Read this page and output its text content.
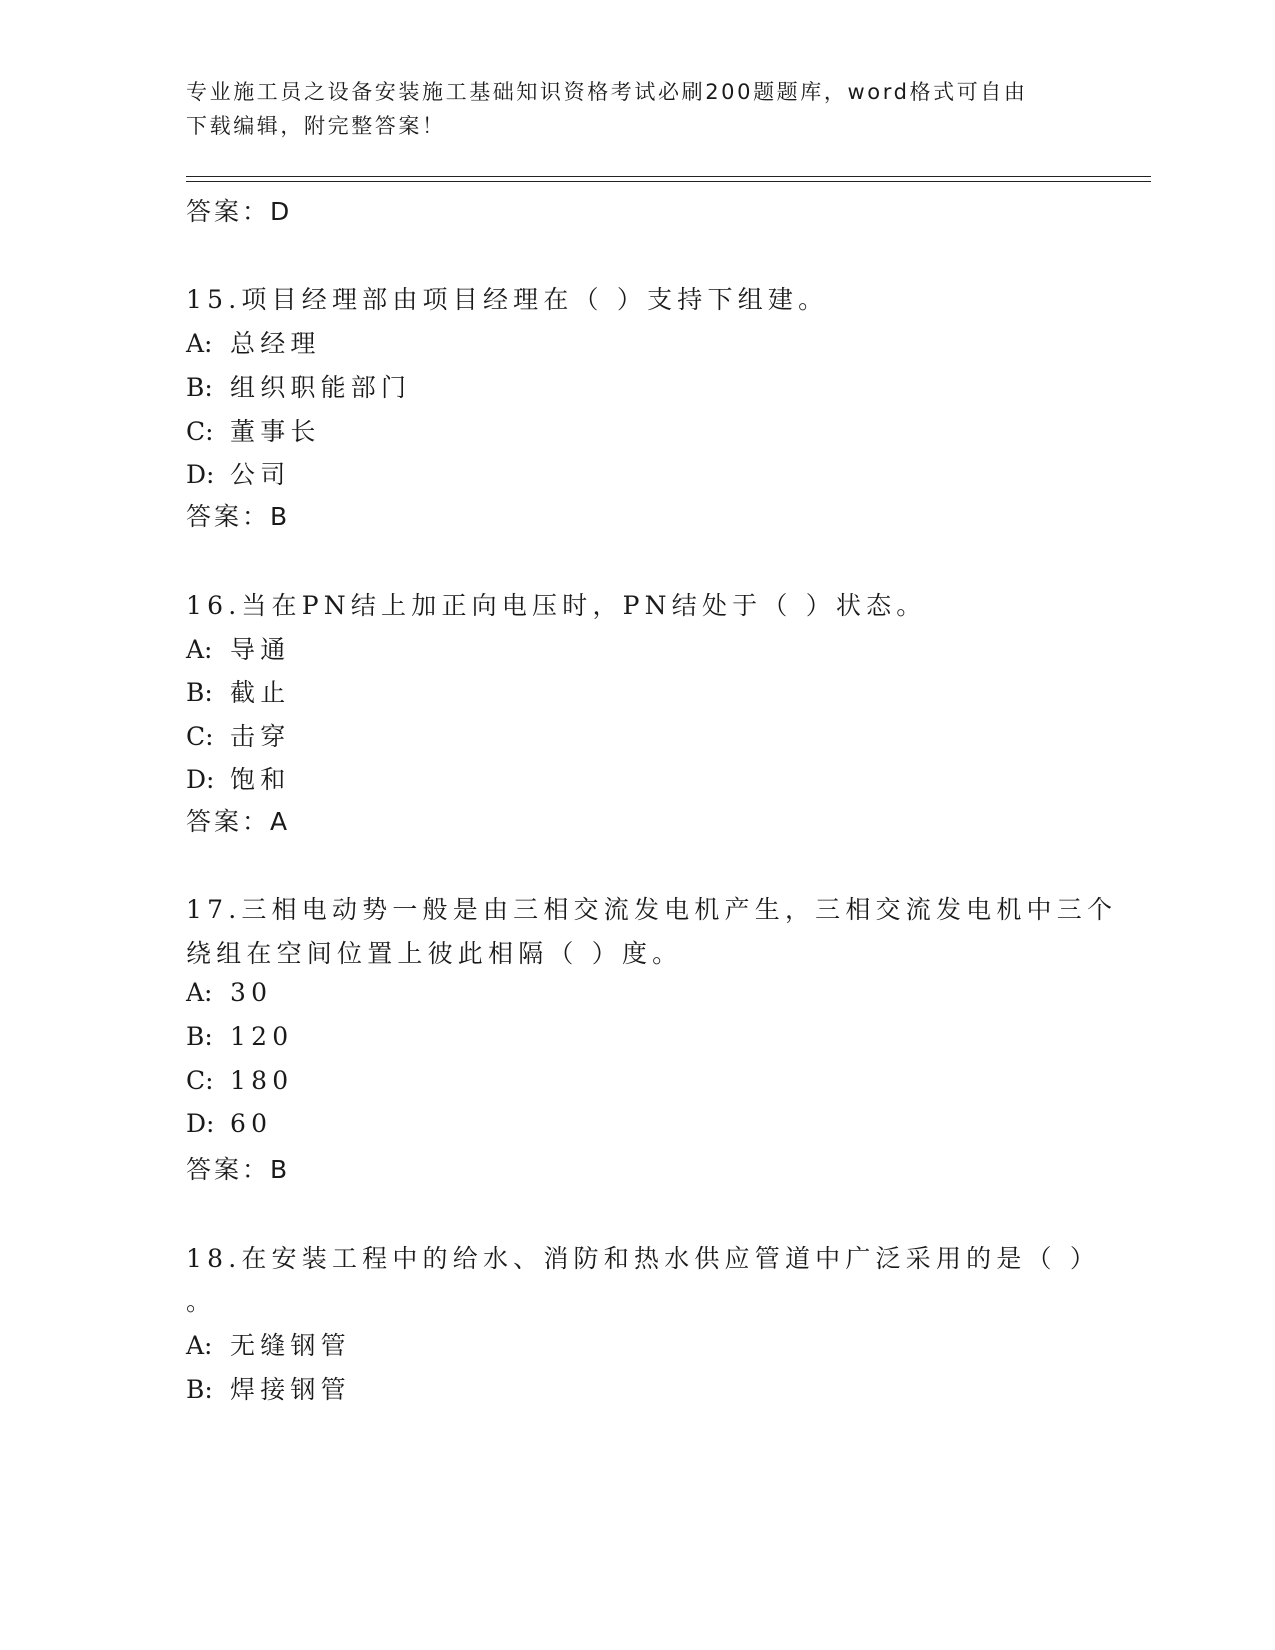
专业施工员之设备安装施工基础知识资格考试必刷200题题库，word格式可自由
下载编辑，附完整答案！
答案：D
15.项目经理部由项目经理在（ ）支持下组建。
A: 总经理
B: 组织职能部门
C: 董事长
D: 公司
答案：B
16.当在PN结上加正向电压时，PN结处于（ ）状态。
A: 导通
B: 截止
C: 击穿
D: 饱和
答案：A
17.三相电动势一般是由三相交流发电机产生，三相交流发电机中三个
绕组在空间位置上彼此相隔（ ）度。
A: 30
B: 120
C: 180
D: 60
答案：B
18.在安装工程中的给水、消防和热水供应管道中广泛采用的是（ ）
。
A: 无缝钢管
B: 焊接钢管
